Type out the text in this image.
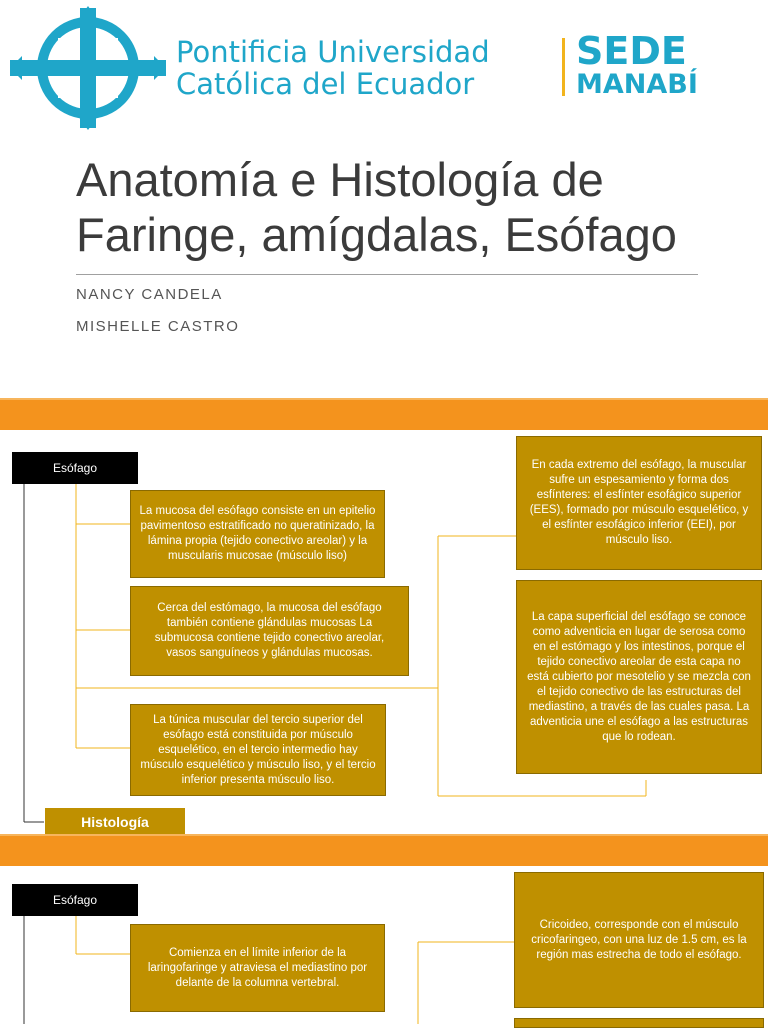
Pontificia Universidad
Católica del Ecuador
SEDE
MANABÍ
Anatomía e Histología de
Faringe, amígdalas, Esófago
NANCY CANDELA
MISHELLE CASTRO
Esófago
La mucosa del esófago consiste en un epitelio pavimentoso estratificado no queratinizado, la lámina propia (tejido conectivo areolar) y la muscularis mucosae (músculo liso)
Cerca del estómago, la mucosa del esófago también contiene glándulas mucosas La submucosa contiene tejido conectivo areolar, vasos sanguíneos y glándulas mucosas.
La túnica muscular del tercio superior del esófago está constituida por músculo esquelético, en el tercio intermedio hay músculo esquelético y músculo liso, y el tercio inferior presenta músculo liso.
En cada extremo del esófago, la muscular sufre un espesamiento y forma dos esfínteres: el esfínter esofágico superior (EES), formado por músculo esquelético, y el esfínter esofágico inferior (EEI), por músculo liso.
La capa superficial del esófago se conoce como adventicia en lugar de serosa como en el estómago y los intestinos, porque el tejido conectivo areolar de esta capa no está cubierto por mesotelio y se mezcla con el tejido conectivo de las estructuras del mediastino, a través de las cuales pasa. La adventicia une el esófago a las estructuras que lo rodean.
Histología
Esófago
Comienza en el límite inferior de la laringofaringe y atraviesa el mediastino por delante de la columna vertebral.
Cricoideo, corresponde con el músculo cricofaringeo, con una luz de 1.5 cm, es la región mas estrecha de todo el esófago.
